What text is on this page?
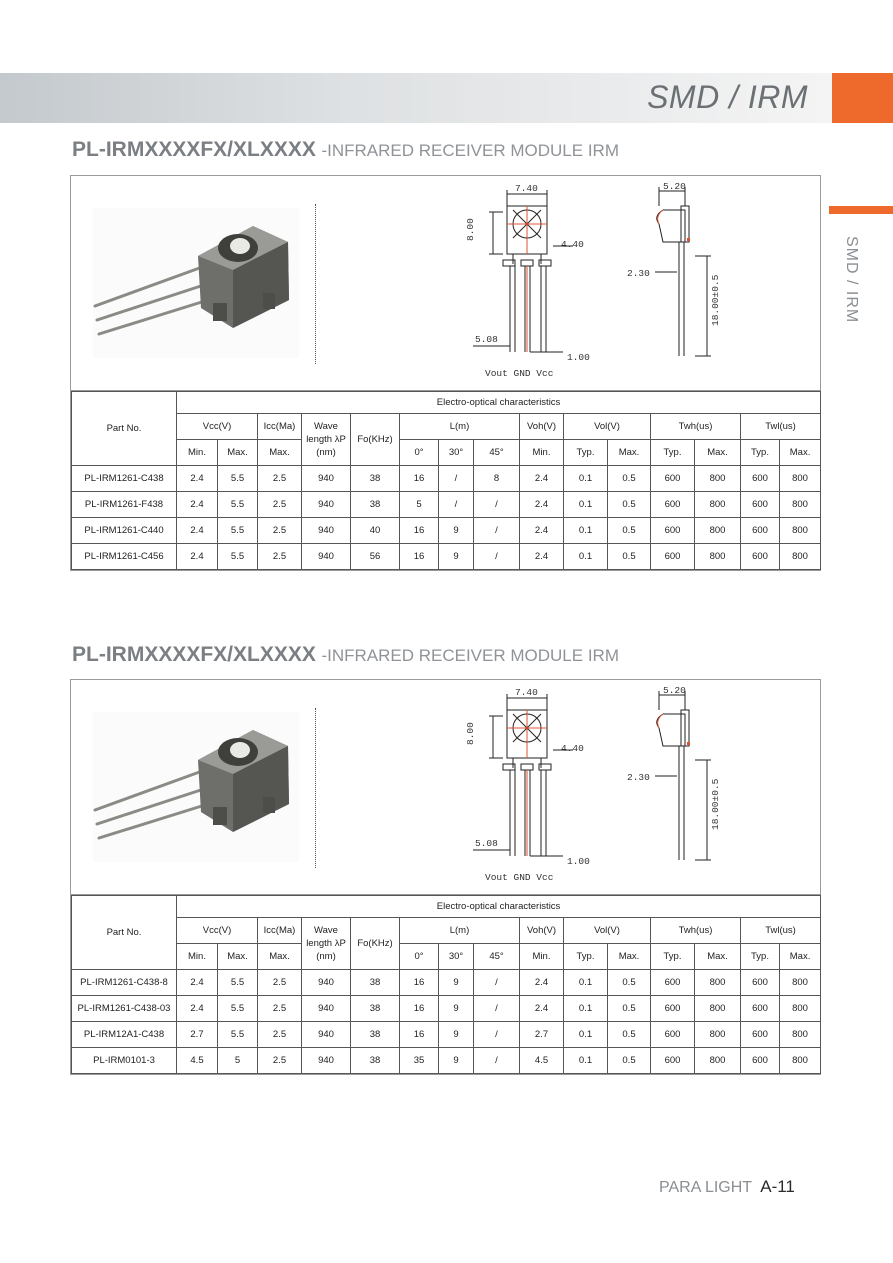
SMD / IRM
SMD / IRM
PL-IRMXXXXFX/XLXXXX -INFRARED RECEIVER MODULE IRM
7.40
8.00
4.40
5.08
1.00
Vout GND Vcc
5.20
2.30
18.00±0.5
Part No.	Electro-optical characteristics														
	Vcc(V)		Icc(Ma)	Wave length λP (nm)	Fo(KHz)	L(m)			Voh(V)	Vol(V)		Twh(us)		Twl(us)	
	Min.	Max.	Max.			0°	30°	45°	Min.	Typ.	Max.	Typ.	Max.	Typ.	Max.
PL-IRM1261-C438	2.4	5.5	2.5	940	38	16	/	8	2.4	0.1	0.5	600	800	600	800
PL-IRM1261-F438	2.4	5.5	2.5	940	38	5	/	/	2.4	0.1	0.5	600	800	600	800
PL-IRM1261-C440	2.4	5.5	2.5	940	40	16	9	/	2.4	0.1	0.5	600	800	600	800
PL-IRM1261-C456	2.4	5.5	2.5	940	56	16	9	/	2.4	0.1	0.5	600	800	600	800
PL-IRMXXXXFX/XLXXXX -INFRARED RECEIVER MODULE IRM
7.40
8.00
4.40
5.08
1.00
Vout GND Vcc
5.20
2.30
18.00±0.5
Part No.	Electro-optical characteristics														
	Vcc(V)		Icc(Ma)	Wave length λP (nm)	Fo(KHz)	L(m)			Voh(V)	Vol(V)		Twh(us)		Twl(us)	
	Min.	Max.	Max.			0°	30°	45°	Min.	Typ.	Max.	Typ.	Max.	Typ.	Max.
PL-IRM1261-C438-8	2.4	5.5	2.5	940	38	16	9	/	2.4	0.1	0.5	600	800	600	800
PL-IRM1261-C438-03	2.4	5.5	2.5	940	38	16	9	/	2.4	0.1	0.5	600	800	600	800
PL-IRM12A1-C438	2.7	5.5	2.5	940	38	16	9	/	2.7	0.1	0.5	600	800	600	800
PL-IRM0101-3	4.5	5	2.5	940	38	35	9	/	4.5	0.1	0.5	600	800	600	800
PARA LIGHT A-11
